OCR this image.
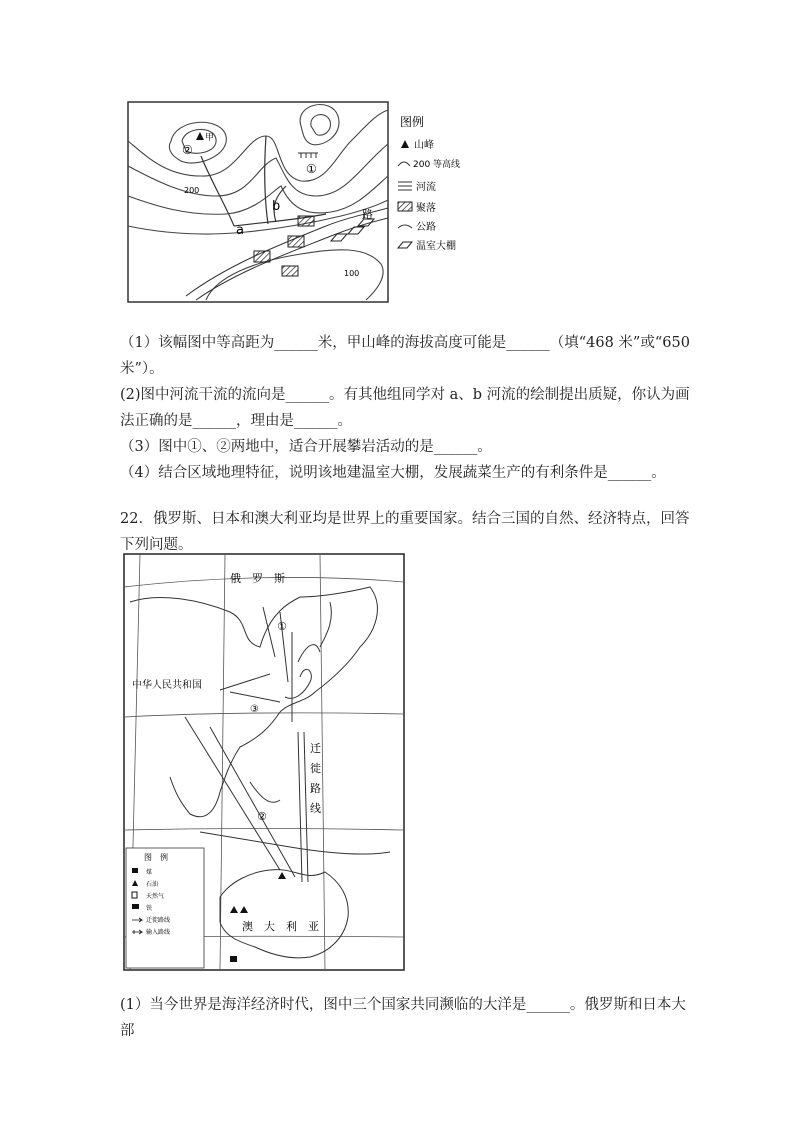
甲
②
①
200
100
a
b
路
图例
山峰
200 等高线
河流
聚落
公路
温室大棚

（1）该幅图中等高距为______米，甲山峰的海拔高度可能是______（填“468 米”或“650 米”）。

(2)图中河流干流的流向是______。有其他组同学对 a、b 河流的绘制提出质疑，你认为画法正确的是______，理由是______。

（3）图中①、②两地中，适合开展攀岩活动的是______。

（4）结合区域地理特征，说明该地建温室大棚，发展蔬菜生产的有利条件是______。

22．俄罗斯、日本和澳大利亚均是世界上的重要国家。结合三国的自然、经济特点，回答下列问题。

俄　罗　斯
中华人民共和国
澳　大　利　亚
①
③
②
迁
徙
路
线
图　例
煤
石油
天然气
铁
迁徙路线
输入路线

(1）当今世界是海洋经济时代，图中三个国家共同濒临的大洋是______。俄罗斯和日本大部
